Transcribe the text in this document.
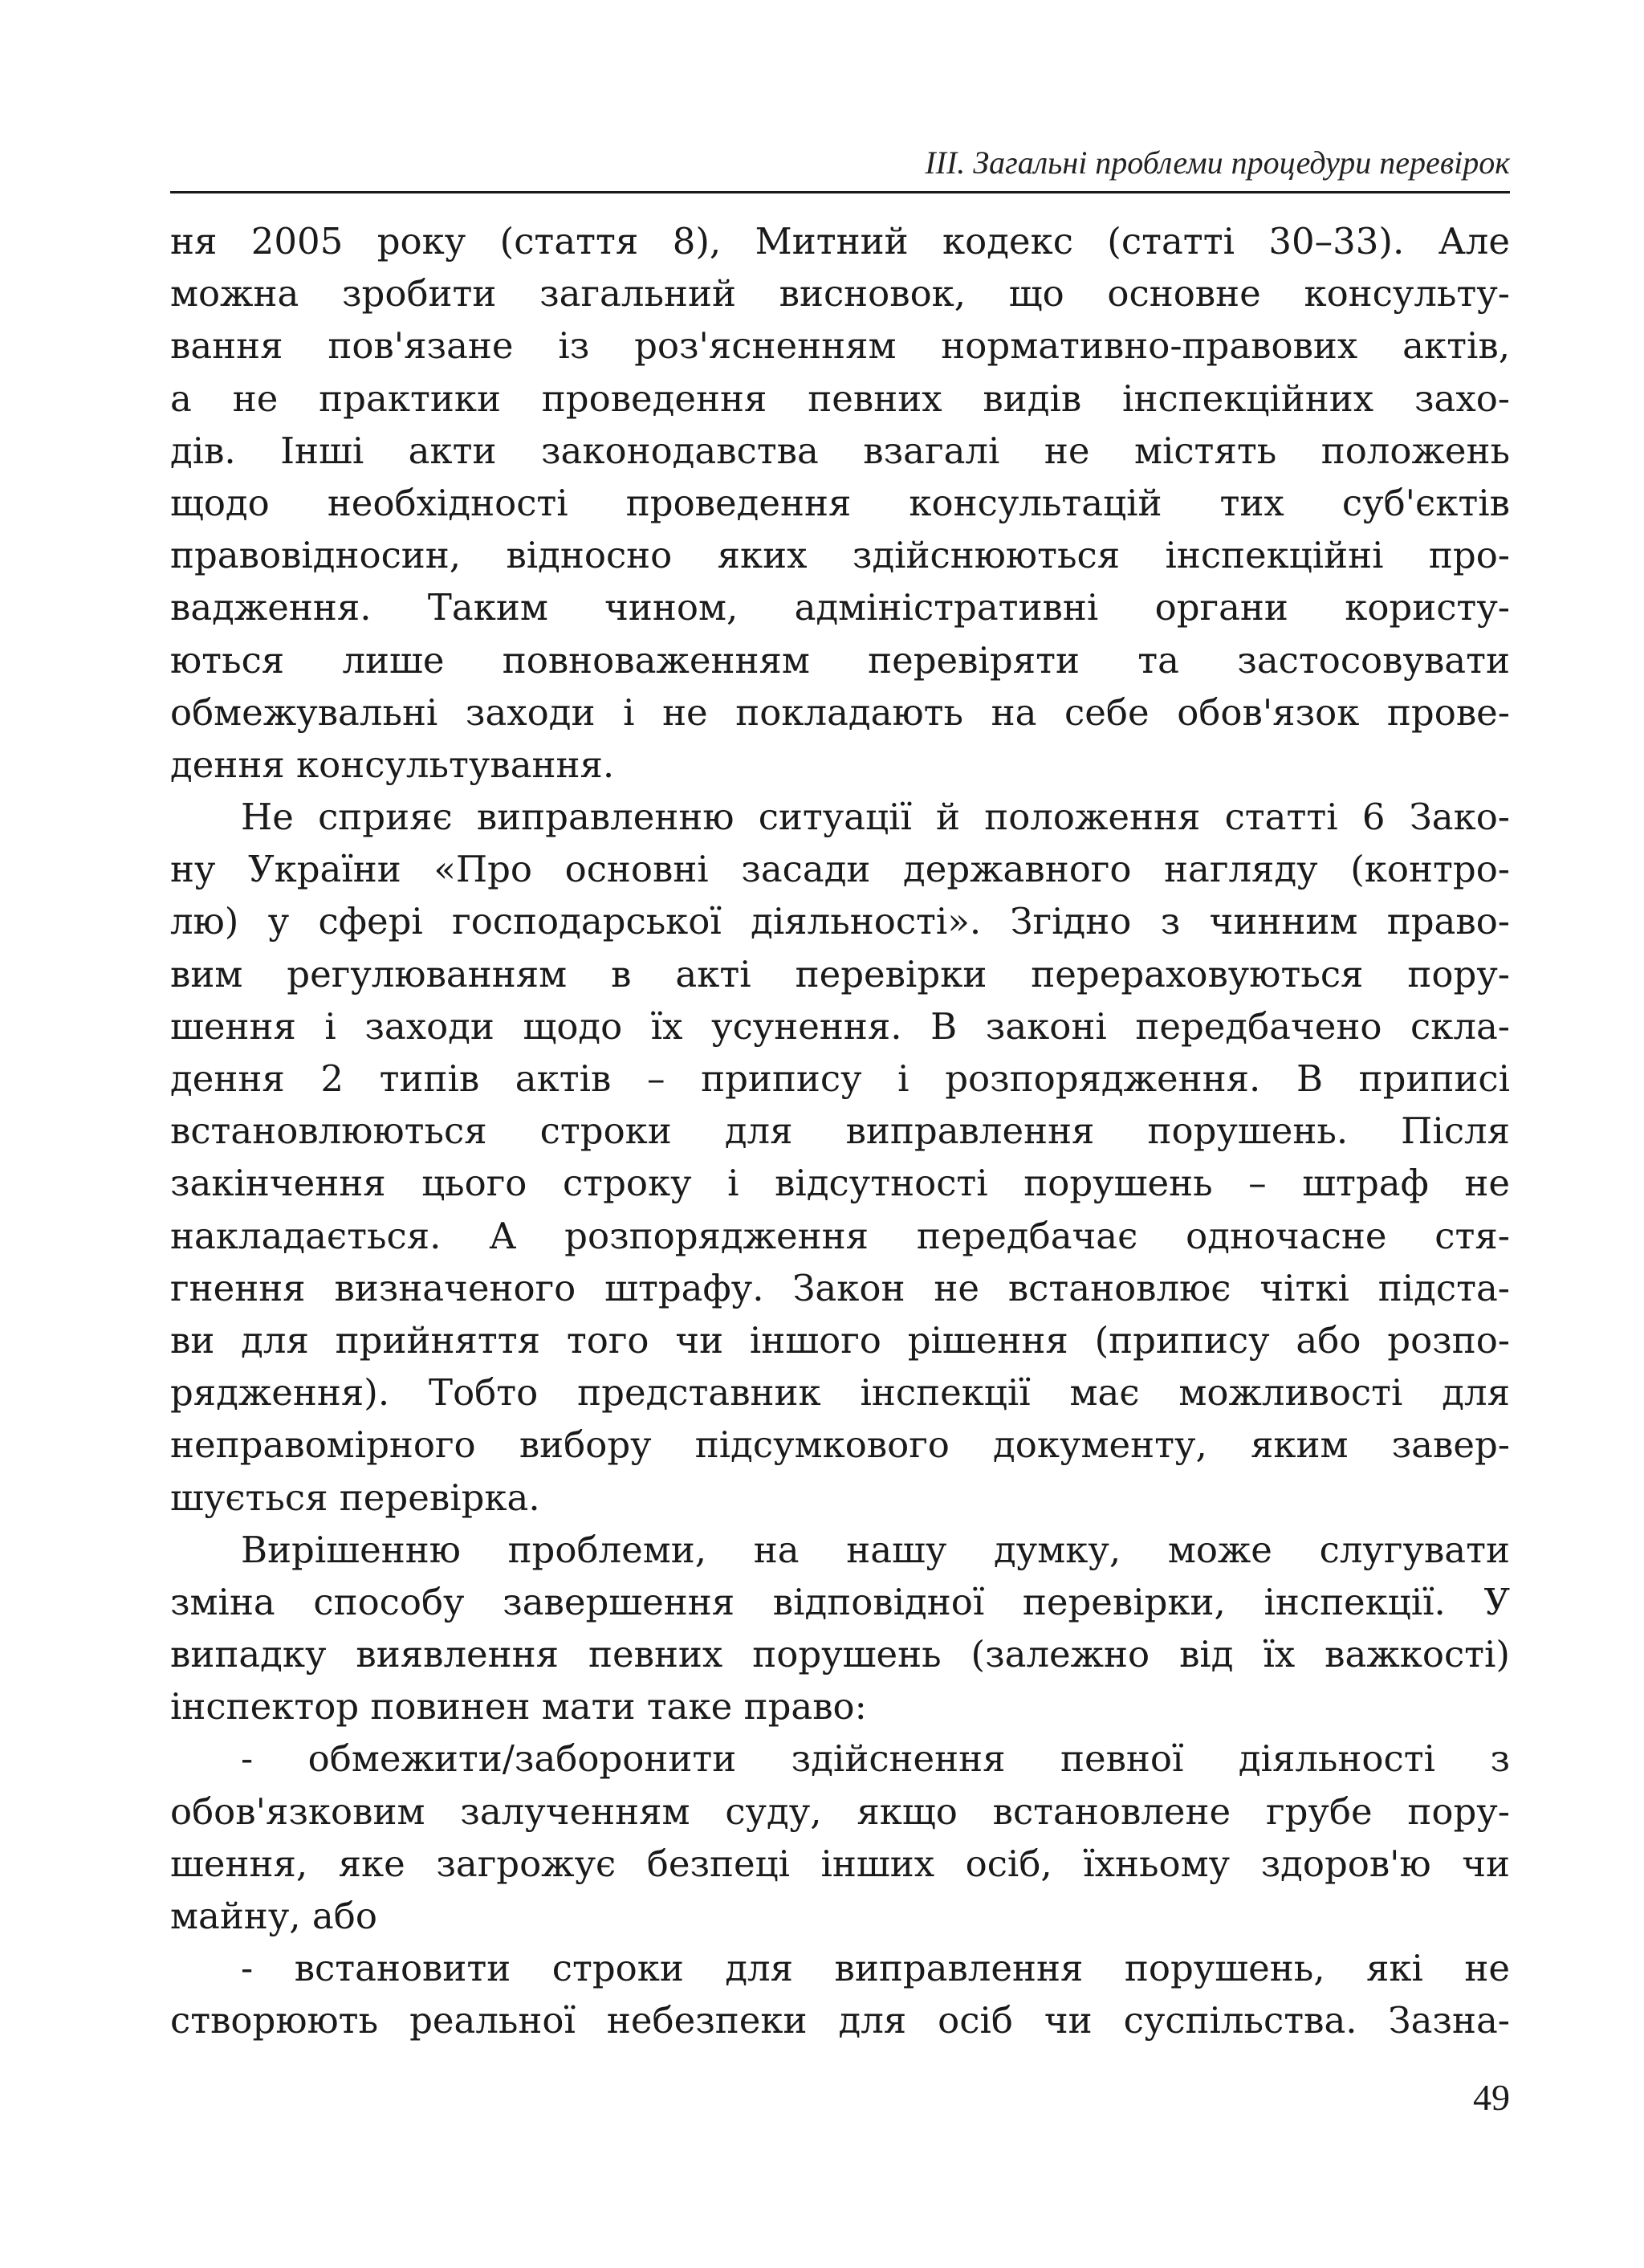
III. Загальні проблеми процедури перевірок
ня 2005 року (стаття 8), Митний кодекс (статті 30–33). Але
можна зробити загальний висновок, що основне консульту-
вання пов'язане із роз'ясненням нормативно-правових актів,
а не практики проведення певних видів інспекційних захо-
дів. Інші акти законодавства взагалі не містять положень
щодо необхідності проведення консультацій тих суб'єктів
правовідносин, відносно яких здійснюються інспекційні про-
вадження. Таким чином, адміністративні органи користу-
ються лише повноваженням перевіряти та застосовувати
обмежувальні заходи і не покладають на себе обов'язок прове-
дення консультування.
Не сприяє виправленню ситуації й положення статті 6 Зако-
ну України «Про основні засади державного нагляду (контро-
лю) у сфері господарської діяльності». Згідно з чинним право-
вим регулюванням в акті перевірки перераховуються пору-
шення і заходи щодо їх усунення. В законі передбачено скла-
дення 2 типів актів – припису і розпорядження. В приписі
встановлюються строки для виправлення порушень. Після
закінчення цього строку і відсутності порушень – штраф не
накладається. А розпорядження передбачає одночасне стя-
гнення визначеного штрафу. Закон не встановлює чіткі підста-
ви для прийняття того чи іншого рішення (припису або розпо-
рядження). Тобто представник інспекції має можливості для
неправомірного вибору підсумкового документу, яким завер-
шується перевірка.
Вирішенню проблеми, на нашу думку, може слугувати
зміна способу завершення відповідної перевірки, інспекції. У
випадку виявлення певних порушень (залежно від їх важкості)
інспектор повинен мати таке право:
- обмежити/заборонити здійснення певної діяльності з
обов'язковим залученням суду, якщо встановлене грубе пору-
шення, яке загрожує безпеці інших осіб, їхньому здоров'ю чи
майну, або
- встановити строки для виправлення порушень, які не
створюють реальної небезпеки для осіб чи суспільства. Зазна-
49
